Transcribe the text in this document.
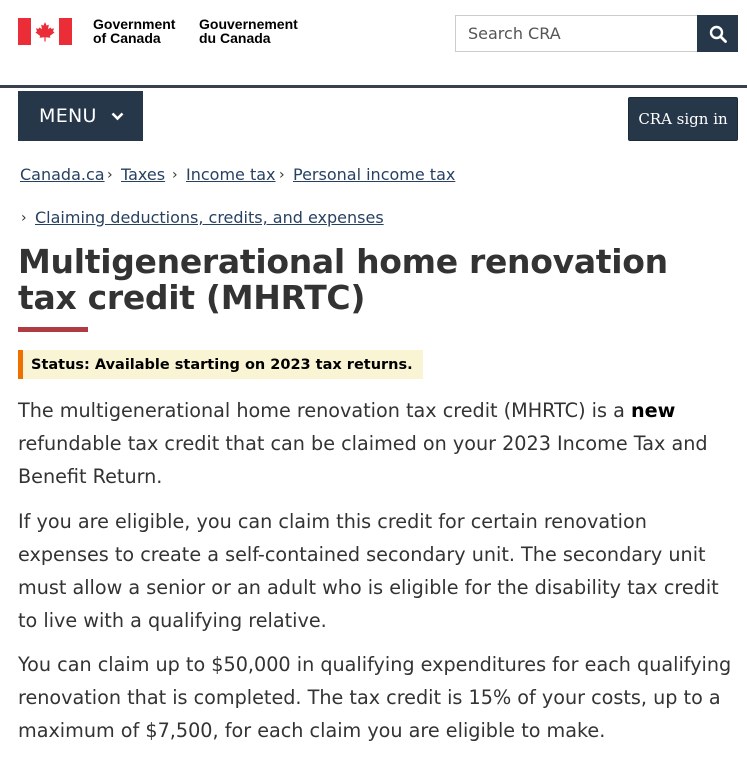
Government
of Canada
Gouvernement
du Canada	Search CRA
MENU	CRA sign in
Canada.ca › Taxes › Income tax › Personal income tax
› Claiming deductions, credits, and expenses
Multigenerational home renovation tax credit (MHRTC)
Status: Available starting on 2023 tax returns.

The multigenerational home renovation tax credit (MHRTC) is a new refundable tax credit that can be claimed on your 2023 Income Tax and Benefit Return.

If you are eligible, you can claim this credit for certain renovation expenses to create a self-contained secondary unit. The secondary unit must allow a senior or an adult who is eligible for the disability tax credit to live with a qualifying relative.

You can claim up to $50,000 in qualifying expenditures for each qualifying renovation that is completed. The tax credit is 15% of your costs, up to a maximum of $7,500, for each claim you are eligible to make.
